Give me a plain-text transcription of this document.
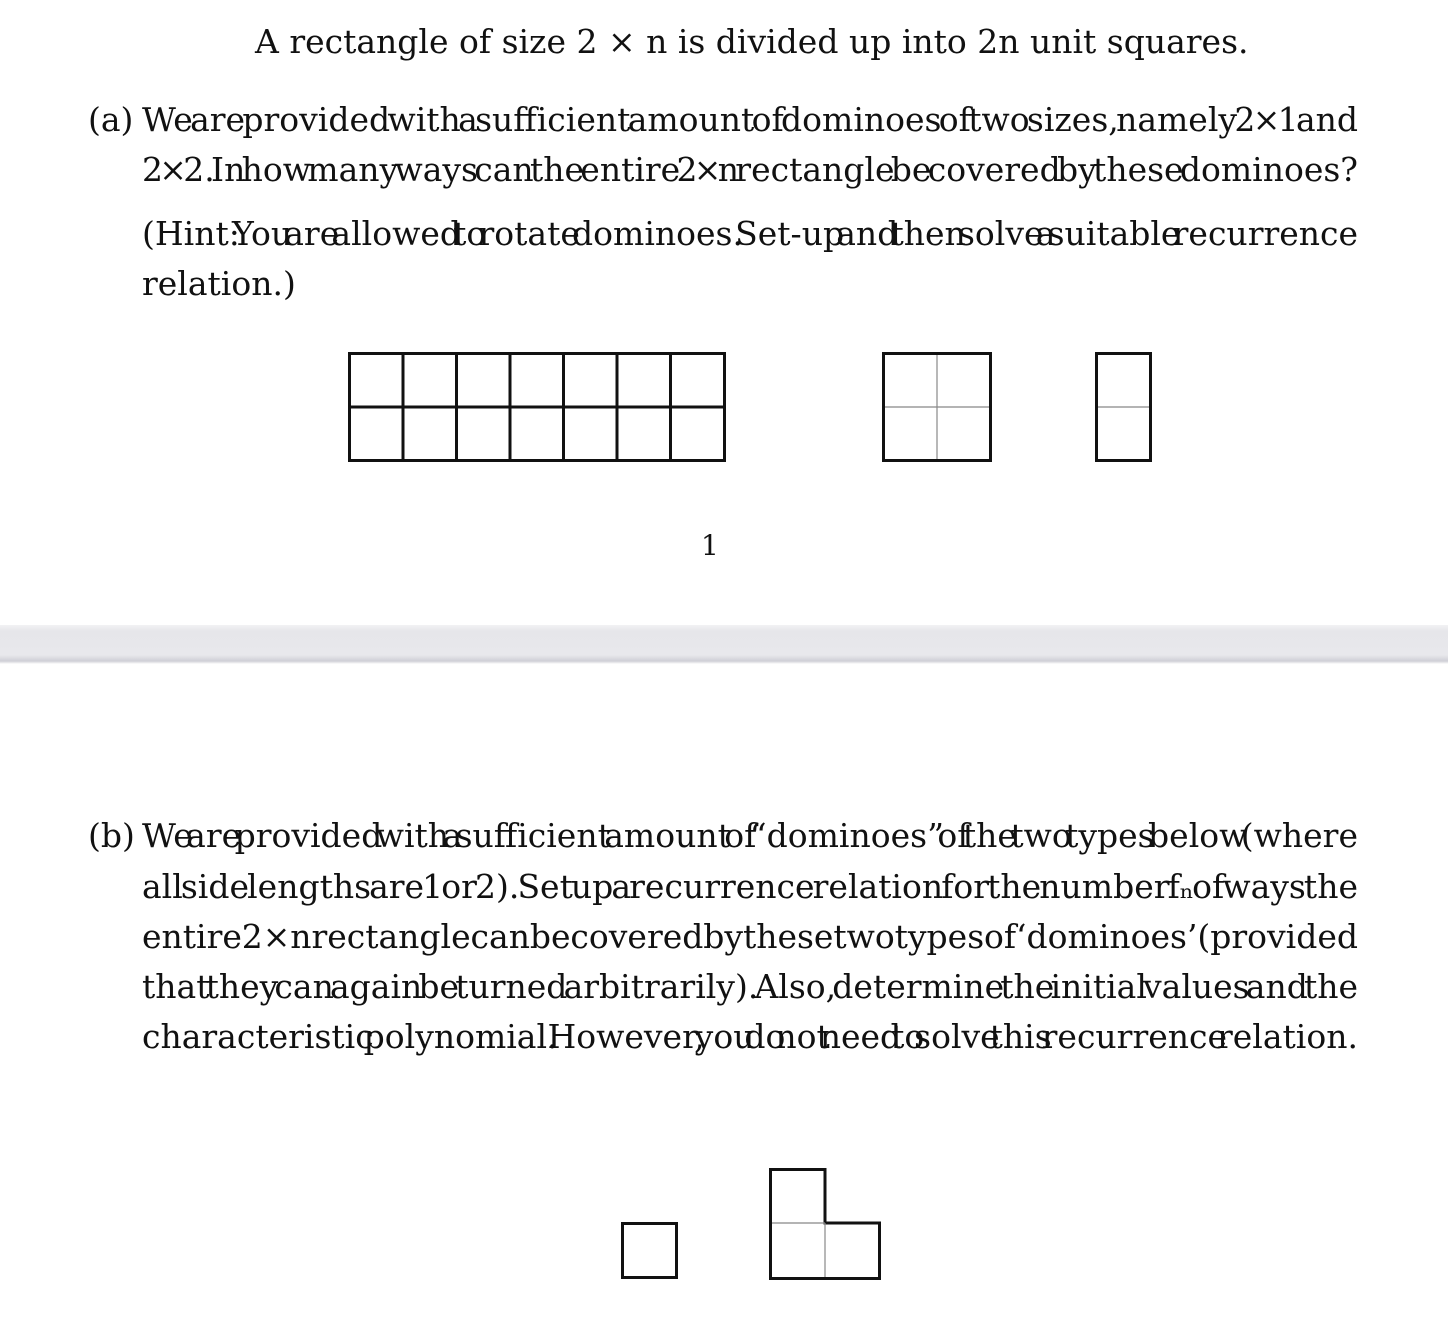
A rectangle of size 2 × n is divided up into 2n unit squares.
(a) We are provided with a sufficient amount of dominoes of two sizes, namely 2 × 1 and
2 × 2. In how many ways can the entire 2 × n rectangle be covered by these dominoes?
(Hint: You are allowed to rotate dominoes. Set-up and then solve a suitable recurrence
relation.)
1
(b) We are provided with a sufficient amount of “dominoes” of the two types below (where
all side lengths are 1 or 2). Set up a recurrence relation for the number fₙ of ways the
entire 2 × n rectangle can be covered by these two types of ‘dominoes’ (provided
that they can again be turned arbitrarily). Also, determine the initial values and the
characteristic polynomial. However, you do not need to solve this recurrence relation.
